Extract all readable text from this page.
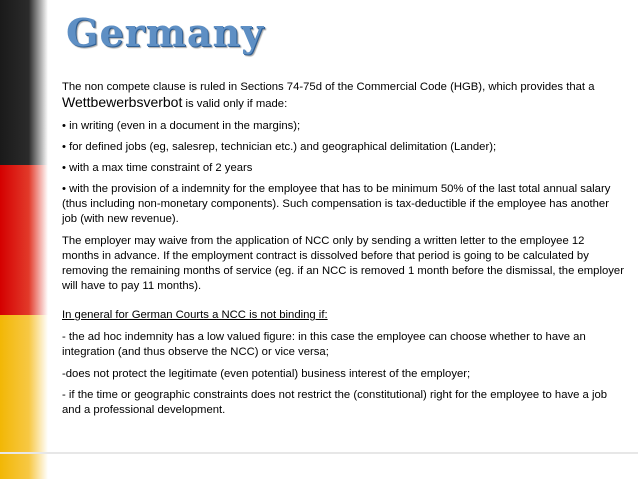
Germany

The non compete clause is ruled in Sections 74-75d of the Commercial Code (HGB), which provides that a Wettbewerbsverbot is valid only if made:

• in writing (even in a document in the margins);

• for defined jobs (eg, salesrep, technician etc.) and geographical delimitation (Lander);

• with a max time constraint of 2 years

• with the provision of a indemnity for the employee that has to be minimum 50% of the last total annual salary (thus including non-monetary components). Such compensation is tax-deductible if the employee has another job (with new revenue).

The employer may waive from the application of NCC only by sending a written letter to the employee 12 months in advance. If the employment contract is dissolved before that period is going to be calculated by removing the remaining months of service (eg. if an NCC is removed 1 month before the dismissal, the employer will have to pay 11 months).

In general for German Courts a NCC is not binding if:

- the ad hoc indemnity has a low valued figure: in this case the employee can choose whether to have an integration (and thus observe the NCC) or vice versa;

-does not protect the legitimate (even potential) business interest of the employer;

- if the time or geographic constraints does not restrict the (constitutional) right for the employee to have a job and a professional development.
